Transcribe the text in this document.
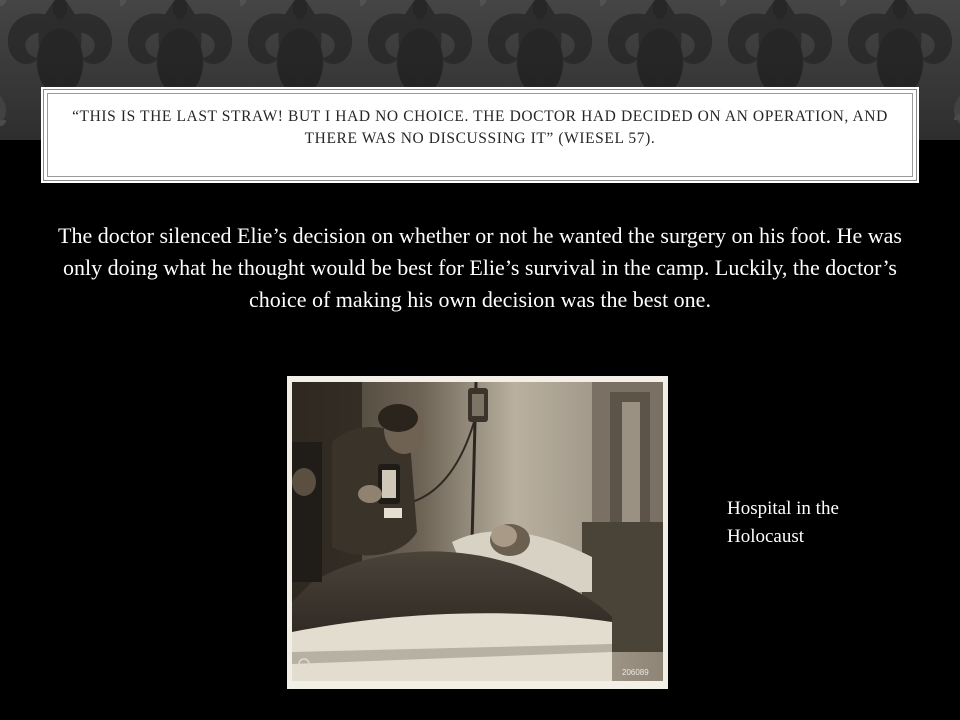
“THIS IS THE LAST STRAW! BUT I HAD NO CHOICE. THE DOCTOR HAD DECIDED ON AN OPERATION, AND THERE WAS NO DISCUSSING IT” (WIESEL 57).

The doctor silenced Elie’s decision on whether or not he wanted the surgery on his foot. He was only doing what he thought would be best for Elie’s survival in the camp. Luckily, the doctor’s choice of making his own decision was the best one.

206089

Hospital in the Holocaust
